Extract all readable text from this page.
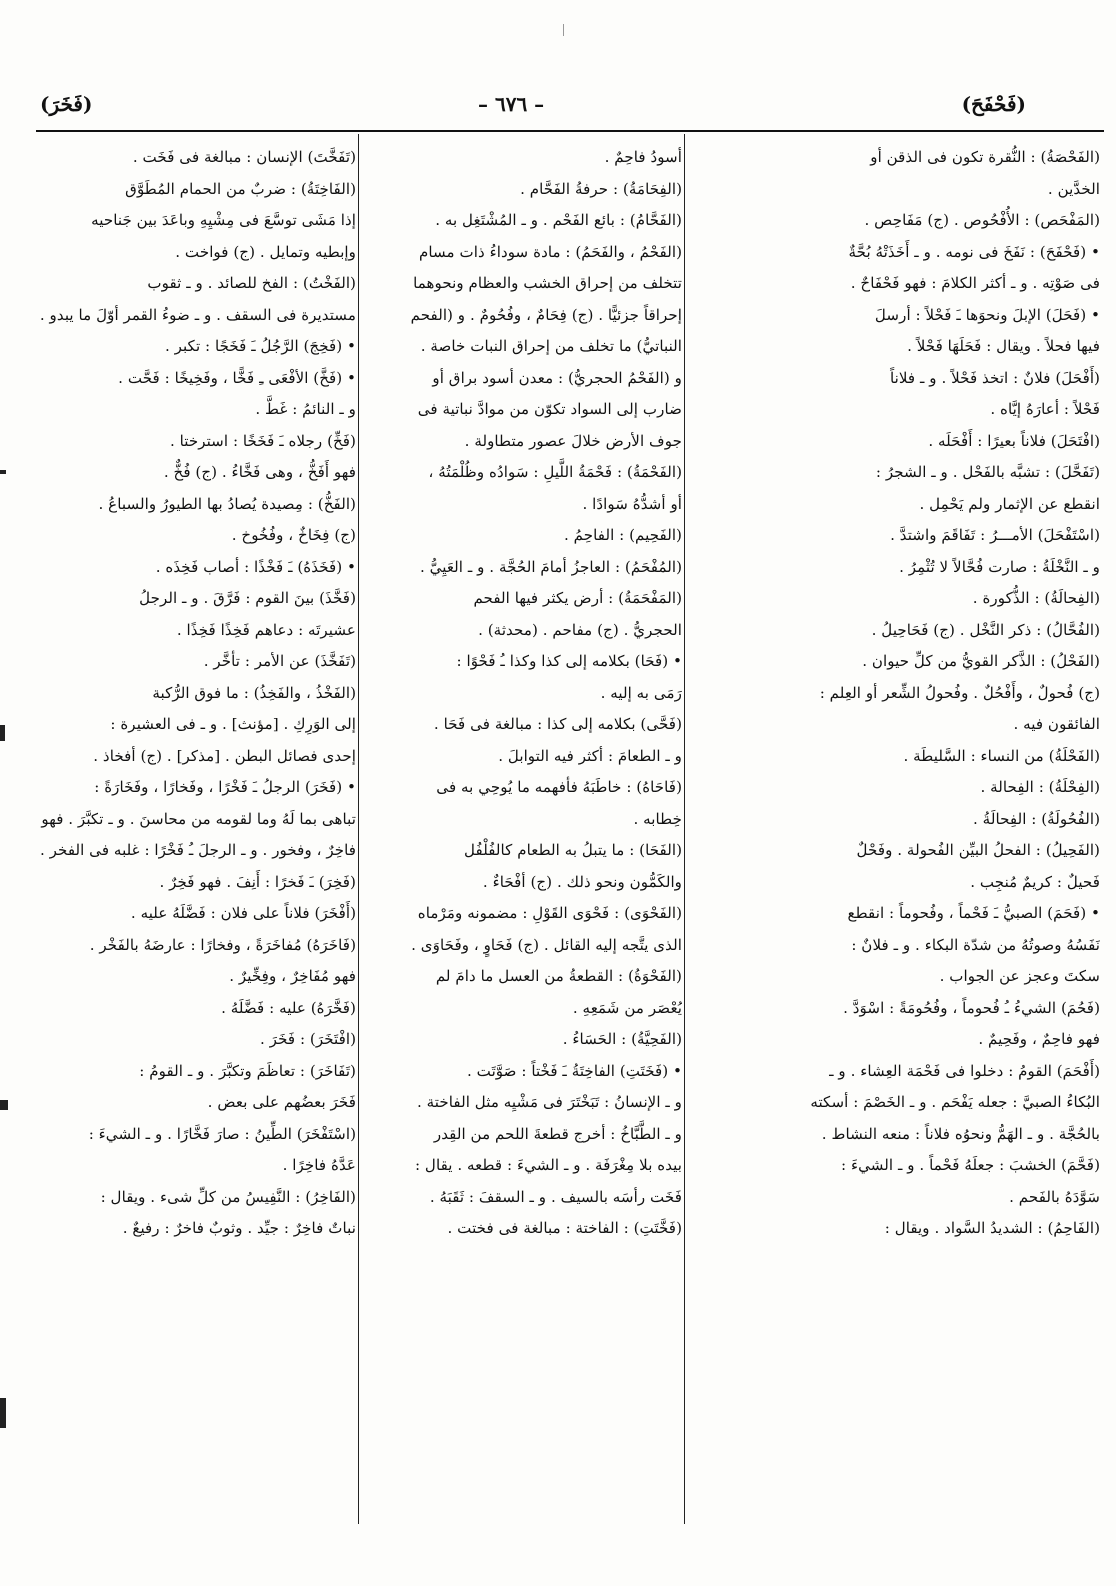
(فَحْفَحَ)
– ٦٧٦ –
(فَخَرَ)
(الفَحْصَةُ) : النُّقرة تكون فى الذقن أو
الخدَّين .
(المَفْحَص) : الأُفْحُوص . (ج) مَفَاحِص .
• (فَحْفَحَ) : نَفَخَ فى نومه . و ـ أَخَذَتْهُ بُحَّةٌ
فى صَوْتِه . و ـ أكثر الكلامَ : فهو فَحْفَاحٌ .
• (فَحَلَ) الإبلَ ونحوَها ـَ فَحْلاً : أرسلَ
فيها فحلاً . ويقال : فَحَلَهَا فَحْلاً .
(أَفْحَلَ) فلانٌ : اتخذ فَحْلاً . و ـ فلاناً
فَحْلاً : أعارَهُ إيَّاه .
(افْتَحَلَ) فلاناً بعيرًا : أَفْحَلَه .
(تَفَحَّلَ) : تشبَّه بالفَحْل . و ـ الشجرُ :
انقطع عن الإثمار ولم يَحْمِل .
(اسْتَفْحَلَ) الأمـــرُ : تَفَاقَمَ واشتدَّ .
و ـ النَّخْلَةُ : صارت فُحَّالاً لا تُثْمِرُ .
(الفِحالَةُ) : الذُّكورة .
(الفُحَّالُ) : ذكر النَّخْل . (ج) فَحَاحِيلُ .
(الفَحْلُ) : الذَّكر القويُّ من كلِّ حيوان .
(ج) فُحولٌ ، وأَفْحُلٌ . وفُحولُ الشِّعر أو العِلم :
الفائقون فيه .
(الفَحْلَةُ) من النساء : السَّليطَة .
(الفِحْلَةُ) : الفِحالة .
(الفُحُولَةُ) : الفِحالَةُ .
(الفَحِيلُ) : الفحلُ البيِّن الفُحولة . وفَحْلٌ
فَحيلٌ : كريمٌ مُنجِب .
• (فَحَمَ) الصبيُّ ـَ فَحْماً ، وفُحوماً : انقطع
نَفَسُهُ وصوتُهُ من شدّة البكاء . و ـ فلانٌ :
سكتَ وعجز عن الجواب .
(فَحُمَ) الشيءُ ـُ فُحوماً ، وفُحُومَةً : اسْوَدَّ .
فهو فاحِمٌ ، وفَحِيمٌ .
(أَفْحَمَ) القومُ : دخلوا فى فَحْمَة العِشاء . و ـ
البُكاءُ الصبيَّ : جعله يَفْحَم . و ـ الخَصْمَ : أسكته
بالحُجَّة . و ـ الهَمُّ ونحوُه فلاناً : منعه النشاط .
(فَحَّمَ) الخشبَ : جعلَهُ فَحْماً . و ـ الشيءَ :
سَوَّدَهُ بالفَحم .
(الفَاحِمُ) : الشديدُ السَّواد . ويقال :
أسودُ فاحِمٌ .
(الفِحَامَةُ) : حرفةُ الفَحَّام .
(الفَحَّامُ) : بائع الفَحْم . و ـ المُشْتَغِل به .
(الفَحْمُ ، والفَحَمُ) : مادة سوداءُ ذات مسام
تتخلف من إحراق الخشب والعظام ونحوهما
إحراقاً جزئيًّا . (ج) فِحَامٌ ، وفُحُومٌ . و (الفحم
النباتيُّ) ما تخلف من إحراق النبات خاصة .
و (الفَحْمُ الحجريُّ) : معدن أسود براق أو
ضارب إلى السواد تكوّن من موادَّ نباتية فى
جوف الأرض خلالَ عصور متطاولة .
(الفَحْمَةُ) : فَحْمَةُ اللَّيلِ : سَوادُه وظُلْمَتُهُ ،
أو أشدُّهُ سَوادًا .
(الفَحِيم) : الفاحِمُ .
(المُفْحَمُ) : العاجزُ أمامَ الحُجَّة . و ـ العَيِيُّ .
(المَفْحَمَةُ) : أرض يكثر فيها الفحم
الحجريُّ . (ج) مفاحم . (محدثة) .
• (فَحَا) بكلامه إلى كذا وكذا ـُ فَحْوًا :
رَمَى به إليه .
(فَحَّى) بكلامه إلى كذا : مبالغة فى فَحَا .
و ـ الطعامَ : أكثر فيه التوابلَ .
(فَاحَاهُ) : خاطَبَهُ فأفهمه ما يُوحِي به فى
خِطابه .
(الفَحَا) : ما يتبلُ به الطعام كالفُلْفُل
والكَمُّون ونحو ذلك . (ج) أفْحَاءٌ .
(الفَحْوَى) : فَحْوَى القَوْلِ : مضمونه ومَرْماه
الذى يتَّجه إليه القائل . (ج) فَحَاوٍ ، وفَحَاوَى .
(الفَحْوَةُ) : القطعةُ من العسل ما دامَ لم
يُعْصَر من شَمَعِهِ .
(الفَحِيَّةُ) : الحَسَاءُ .
• (فَخَتَتِ) الفاخِتَةُ ـَ فَخْتاً : صَوَّتَت .
و ـ الإنسانُ : تَبَخْتَرَ فى مَشْيِه مثل الفاختة .
و ـ الطَّبَّاخُ : أخرج قطعةَ اللحم من القِدر
بيده بلا مِغْرَفَة . و ـ الشيءَ : قطعه . يقال :
فَخَت رأسَه بالسيف . و ـ السقفَ : ثَقَبَهُ .
(فَخَّتَتِ) : الفاختة : مبالغة فى فختت .
(تَفَخَّتَ) الإنسان : مبالغة فى فَخَت .
(الفَاخِتَةُ) : ضربٌ من الحمام المُطَوَّق
إذا مَشَى توسَّعَ فى مِشْيِهِ وباعَدَ بين جَناحيه
وإبطيه وتمايل . (ج) فواخت .
(الفَخْتُ) : الفخ للصائد . و ـ ثقوب
مستديرة فى السقف . و ـ ضوءُ القمر أوّلَ ما يبدو .
• (فَخِجَ) الرَّجُلُ ـَ فَخَجًا : تكبر .
• (فَخَّ) الأفْعَى ـِ فَخًّا ، وفَخِيخًا : فَحَّت .
و ـ النائمُ : غَطَّ .
(فَخِّ) رجلاه ـَ فَخَخًا : استرختا .
فهو أَفَخُّ ، وهى فَخَّاءُ . (ج) فُخٌّ .
(الفَخُّ) : مِصيدة يُصادُ بها الطيورُ والسباعُ .
(ج) فِخَاخٌ ، وفُخُوخ .
• (فَخَذَهُ) ـَ فَخْذًا : أصاب فَخِذَه .
(فَخَّذَ) بينَ القوم : فَرَّقَ . و ـ الرجلُ
عشيرتَه : دعاهم فَخِذًا فَخِذًا .
(تَفَخَّذَ) عن الأمر : تأخَّر .
(الفَخْذُ ، والفَخِذُ) : ما فوق الرُّكبة
إلى الوَرِكِ . [مؤنث] . و ـ فى العشيرة :
إحدى فصائل البطن . [مذكر] . (ج) أفخاذ .
• (فَخَرَ) الرجلُ ـَ فَخْرًا ، وفَخارًا ، وفَخَارَةً :
تباهى بما لَهُ وما لقومه من محاسنَ . و ـ تكبَّرَ . فهو
فاخِرٌ ، وفخور . و ـ الرجلَ ـُ فَخْرًا : غلبه فى الفخر .
(فَخِرَ) ـَ فَخرًا : أَنِفَ . فهو فَخِرٌ .
(أَفْخَرَ) فلاناً على فلان : فَضَّلَهُ عليه .
(فَاخَرَهُ) مُفاخَرَةً ، وفخارًا : عارضَهُ بالفَخْر .
فهو مُفَاخِرٌ ، وفِخِّيرٌ .
(فَخَّرَهُ) عليه : فَضَّلَهُ .
(افْتَخَرَ) : فَخَرَ .
(تَفَاخَرَ) : تعاظَمَ وتكبَّرَ . و ـ القومُ :
فَخَرَ بعضُهم على بعض .
(اسْتَفْخَرَ) الطِّينُ : صارَ فَخَّارًا . و ـ الشيءَ :
عَدَّهُ فاخِرًا .
(الفَاخِرُ) : النَّفِيسُ من كلِّ شىء . ويقال :
نباتٌ فاخِرٌ : جيِّد . وثوبٌ فاخرٌ : رفيعٌ .
